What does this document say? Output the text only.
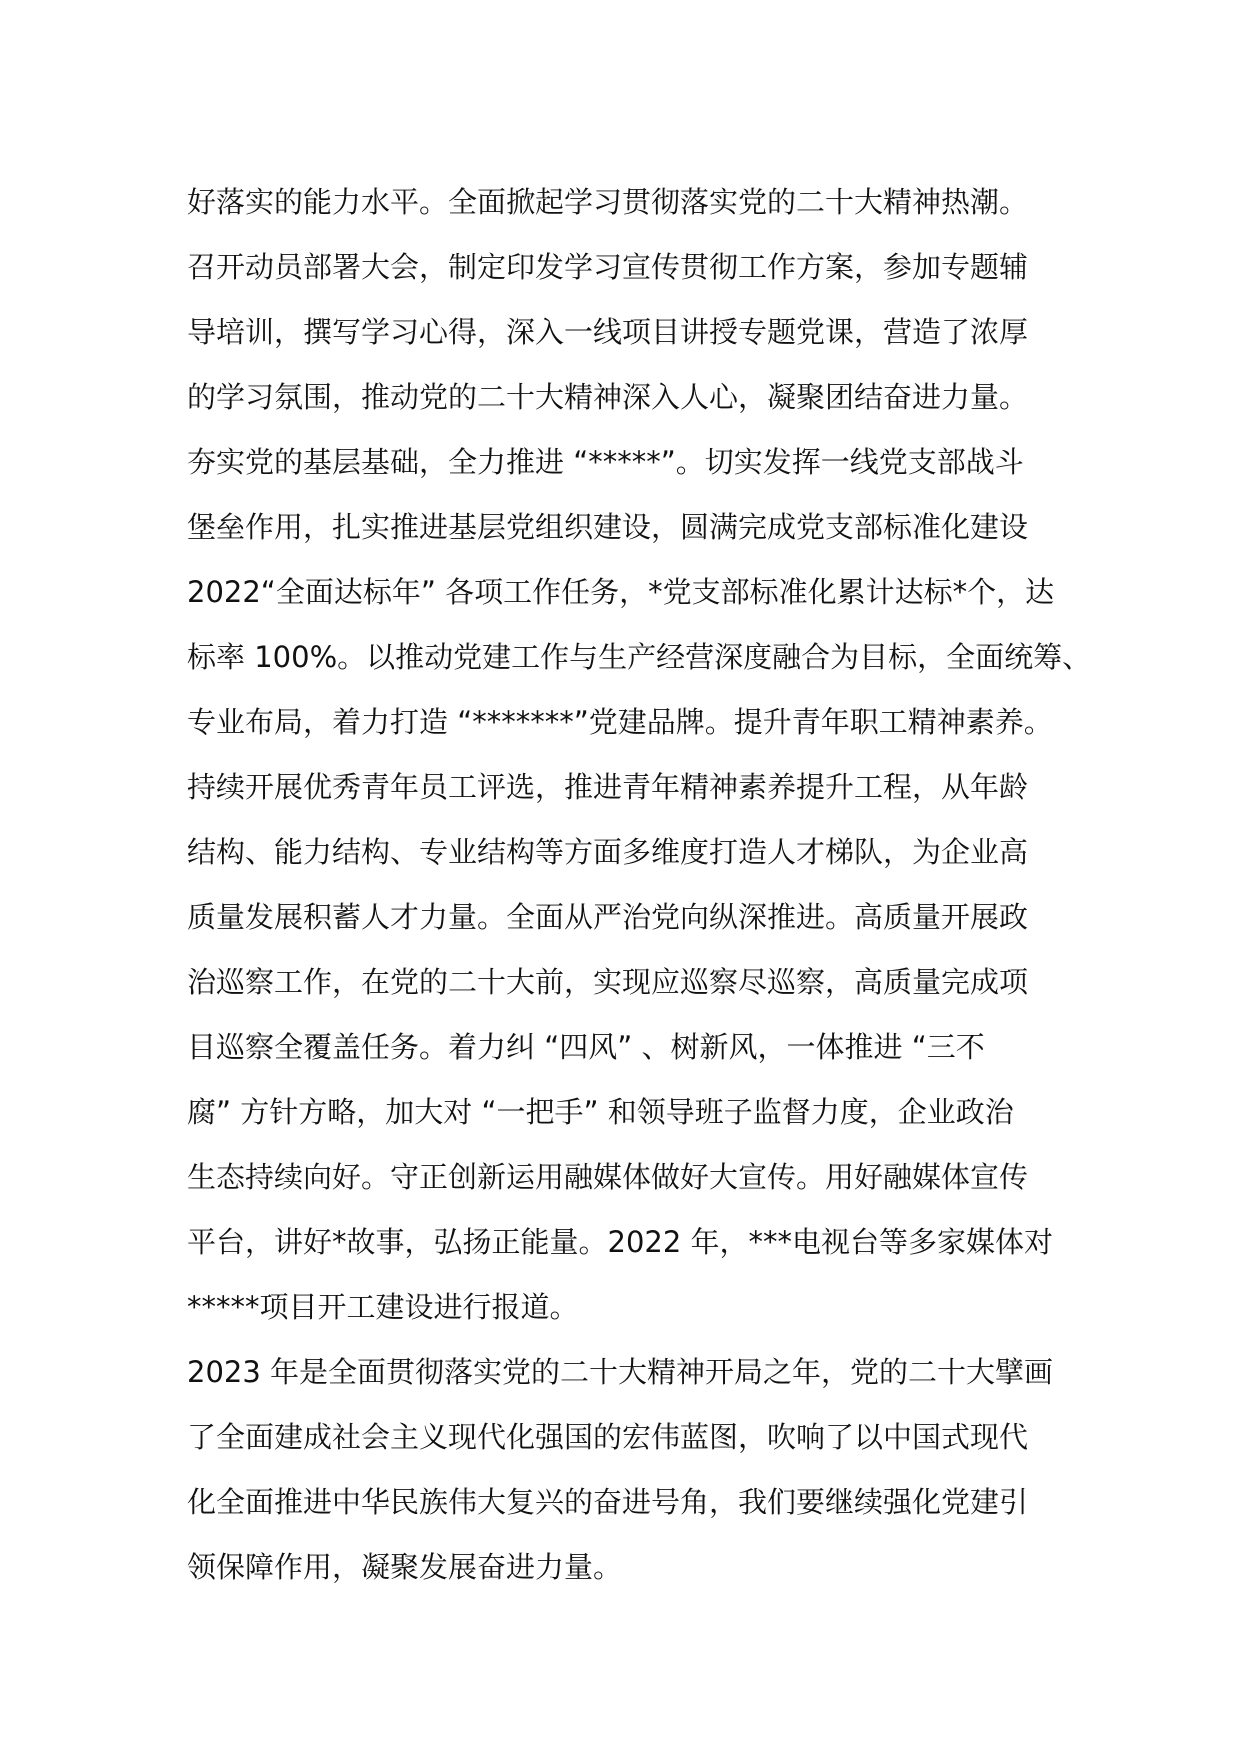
好落实的能力水平。全面掀起学习贯彻落实党的二十大精神热潮。
召开动员部署大会，制定印发学习宣传贯彻工作方案，参加专题辅
导培训，撰写学习心得，深入一线项目讲授专题党课，营造了浓厚
的学习氛围，推动党的二十大精神深入人心，凝聚团结奋进力量。
夯实党的基层基础，全力推进 “*****”。切实发挥一线党支部战斗
堡垒作用，扎实推进基层党组织建设，圆满完成党支部标准化建设
2022“全面达标年” 各项工作任务，*党支部标准化累计达标*个，达
标率 100%。以推动党建工作与生产经营深度融合为目标，全面统筹、
专业布局，着力打造 “*******”党建品牌。提升青年职工精神素养。
持续开展优秀青年员工评选，推进青年精神素养提升工程，从年龄
结构、能力结构、专业结构等方面多维度打造人才梯队，为企业高
质量发展积蓄人才力量。全面从严治党向纵深推进。高质量开展政
治巡察工作，在党的二十大前，实现应巡察尽巡察，高质量完成项
目巡察全覆盖任务。着力纠 “四风” 、树新风，一体推进 “三不
腐” 方针方略，加大对 “一把手” 和领导班子监督力度，企业政治
生态持续向好。守正创新运用融媒体做好大宣传。用好融媒体宣传
平台，讲好*故事，弘扬正能量。2022 年，***电视台等多家媒体对
*****项目开工建设进行报道。
2023 年是全面贯彻落实党的二十大精神开局之年，党的二十大擘画
了全面建成社会主义现代化强国的宏伟蓝图，吹响了以中国式现代
化全面推进中华民族伟大复兴的奋进号角，我们要继续强化党建引
领保障作用，凝聚发展奋进力量。
